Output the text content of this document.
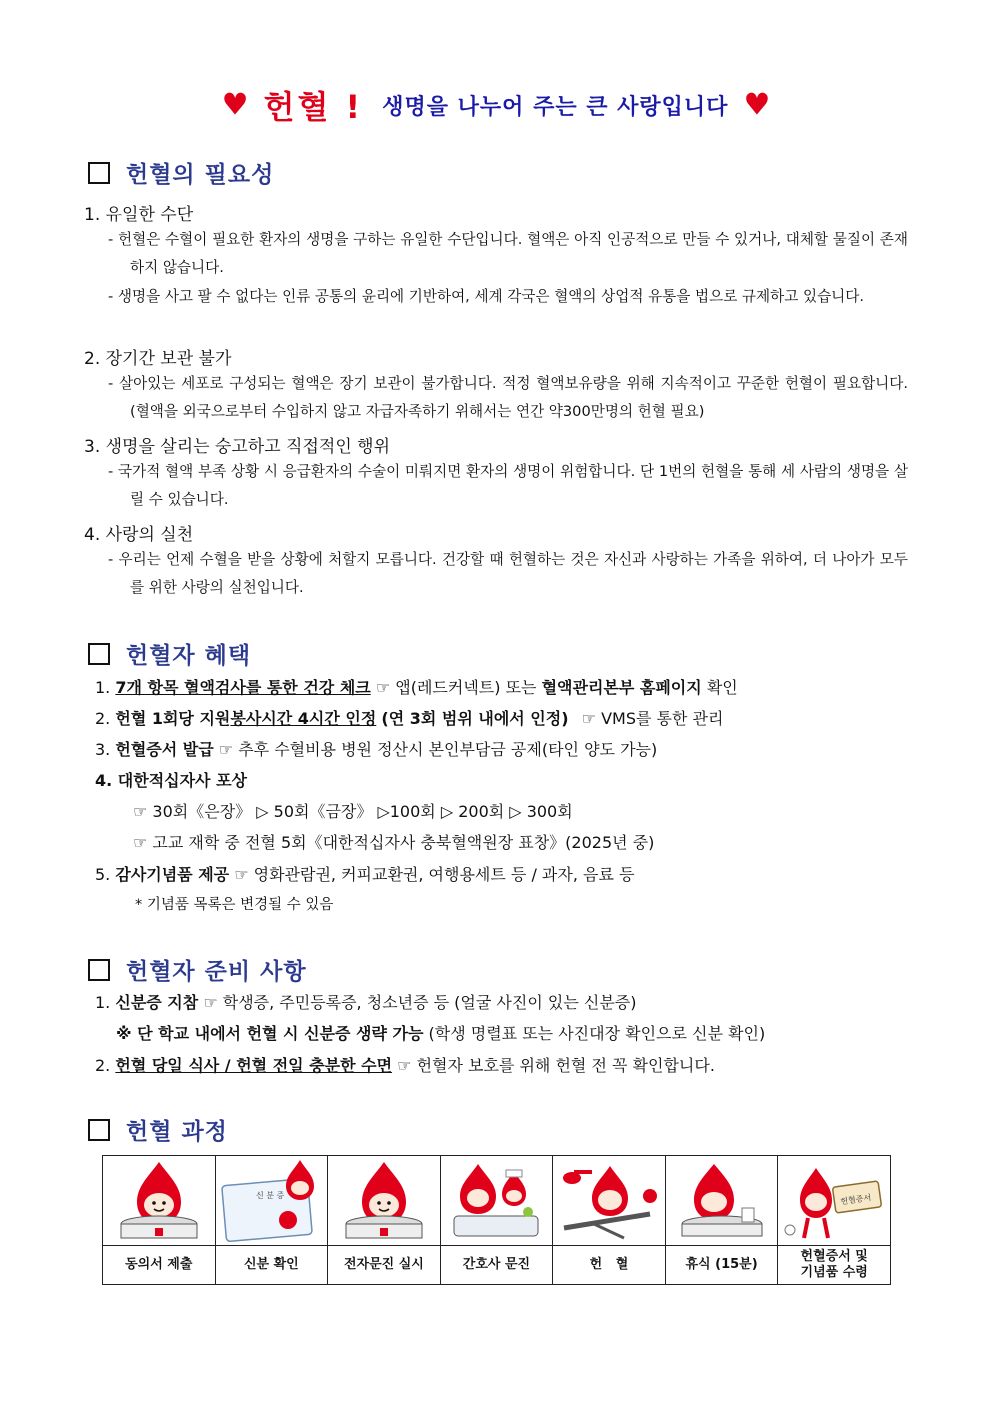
♥ 헌혈 ! 생명을 나누어 주는 큰 사랑입니다 ♥
헌혈의 필요성
1. 유일한 수단
- 헌혈은 수혈이 필요한 환자의 생명을 구하는 유일한 수단입니다. 혈액은 아직 인공적으로 만들 수 있거나, 대체할 물질이 존재하지 않습니다.
- 생명을 사고 팔 수 없다는 인류 공통의 윤리에 기반하여, 세계 각국은 혈액의 상업적 유통을 법으로 규제하고 있습니다.
2. 장기간 보관 불가
- 살아있는 세포로 구성되는 혈액은 장기 보관이 불가합니다. 적정 혈액보유량을 위해 지속적이고 꾸준한 헌혈이 필요합니다. (혈액을 외국으로부터 수입하지 않고 자급자족하기 위해서는 연간 약300만명의 헌혈 필요)
3. 생명을 살리는 숭고하고 직접적인 행위
- 국가적 혈액 부족 상황 시 응급환자의 수술이 미뤄지면 환자의 생명이 위험합니다. 단 1번의 헌혈을 통해 세 사람의 생명을 살릴 수 있습니다.
4. 사랑의 실천
- 우리는 언제 수혈을 받을 상황에 처할지 모릅니다. 건강할 때 헌혈하는 것은 자신과 사랑하는 가족을 위하여, 더 나아가 모두를 위한 사랑의 실천입니다.
헌혈자 혜택
1. 7개 항목 혈액검사를 통한 건강 체크 ☞ 앱(레드커넥트) 또는 혈액관리본부 홈페이지 확인
2. 헌혈 1회당 지원봉사시간 4시간 인정 (연 3회 범위 내에서 인정) ☞ VMS를 통한 관리
3. 헌혈증서 발급 ☞ 추후 수혈비용 병원 정산시 본인부담금 공제(타인 양도 가능)
4. 대한적십자사 포상
☞ 30회《은장》 ▷ 50회《금장》 ▷100회 ▷ 200회 ▷ 300회
☞ 고교 재학 중 전혈 5회《대한적십자사 충북혈액원장 표창》(2025년 중)
5. 감사기념품 제공 ☞ 영화관람권, 커피교환권, 여행용세트 등 / 과자, 음료 등
* 기념품 목록은 변경될 수 있음
헌혈자 준비 사항
1. 신분증 지참 ☞ 학생증, 주민등록증, 청소년증 등 (얼굴 사진이 있는 신분증)
※ 단 학교 내에서 헌혈 시 신분증 생략 가능 (학생 명렬표 또는 사진대장 확인으로 신분 확인)
2. 헌혈 당일 식사 / 헌혈 전일 충분한 수면 ☞ 헌혈자 보호를 위해 헌혈 전 꼭 확인합니다.
헌혈 과정

신 분 증					헌혈증서

동의서 제출	신분 확인	전자문진 실시	간호사 문진	헌   혈	휴식 (15분)	헌혈증서 및
기념품 수령
